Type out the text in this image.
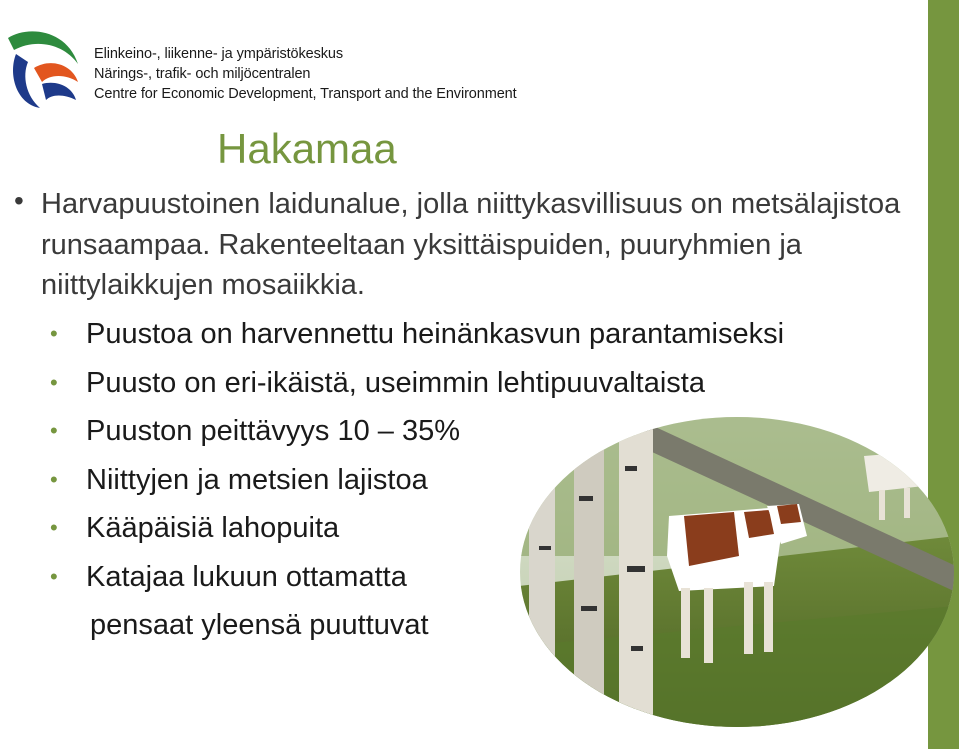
Elinkeino-, liikenne- ja ympäristökeskus
Närings-, trafik- och miljöcentralen
Centre for Economic Development, Transport and the Environment
Hakamaa
• Harvapuustoinen laidunalue, jolla niittykasvillisuus on metsälajistoa runsaampaa. Rakenteeltaan yksittäispuiden, puuryhmien ja niittylaikkujen mosaiikkia.
• Puustoa on harvennettu heinänkasvun parantamiseksi
• Puusto on eri-ikäistä, useimmin lehtipuuvaltaista
• Puuston peittävyys 10 – 35%
• Niittyjen ja metsien lajistoa
• Kääpäisiä lahopuita
• Katajaa lukuun ottamatta
pensaat yleensä puuttuvat
